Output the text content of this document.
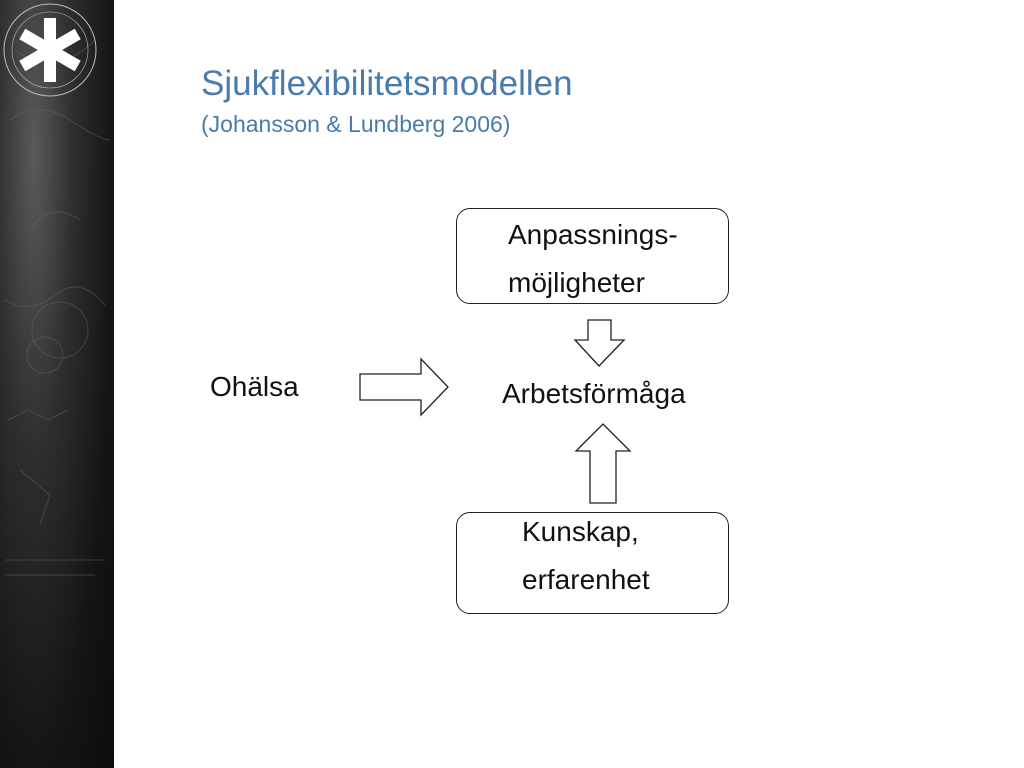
Sjukflexibilitetsmodellen
(Johansson & Lundberg 2006)
Anpassnings-
möjligheter
Arbetsförmåga
Ohälsa
Kunskap,
erfarenhet
